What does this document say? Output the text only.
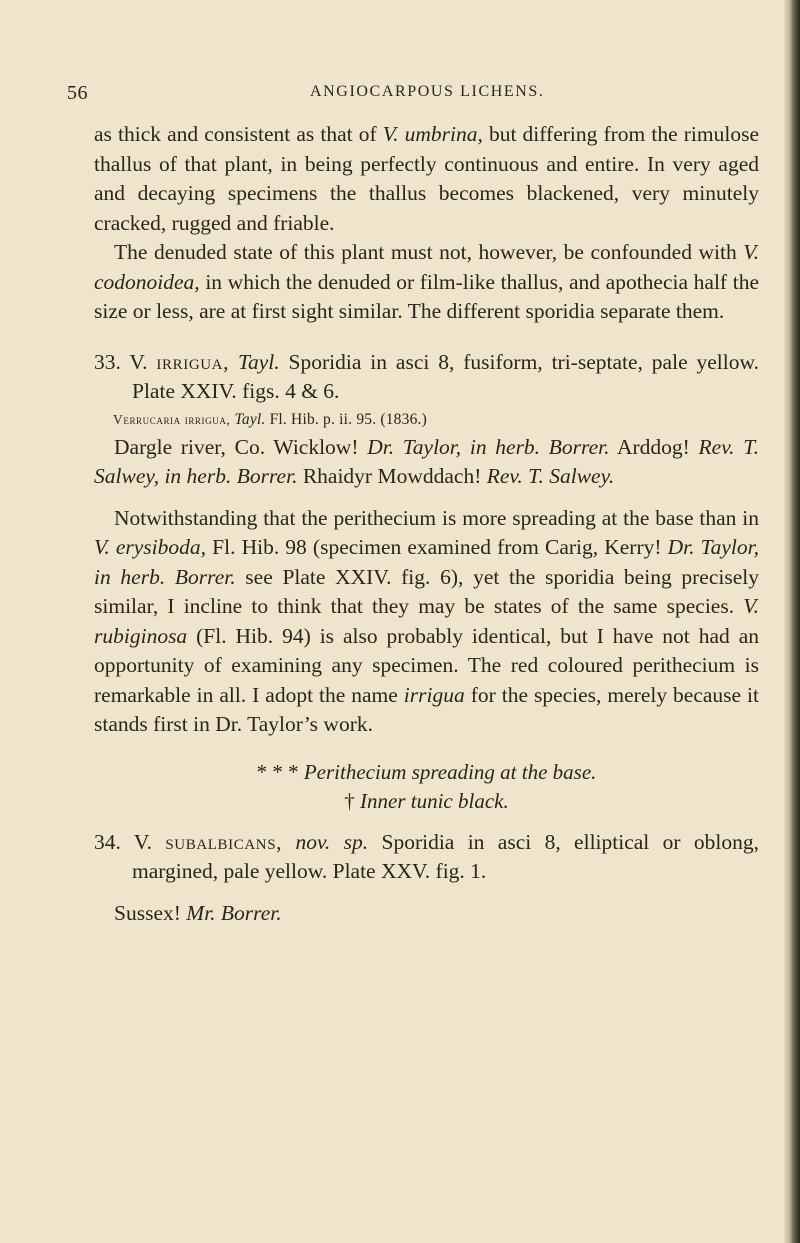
56	ANGIOCARPOUS LICHENS.

as thick and consistent as that of V. umbrina, but differing from the rimulose thallus of that plant, in being perfectly continuous and entire. In very aged and decaying specimens the thallus becomes blackened, very minutely cracked, rugged and friable.

The denuded state of this plant must not, however, be confounded with V. codonoidea, in which the denuded or film-like thallus, and apothecia half the size or less, are at first sight similar. The different sporidia separate them.

33. V. irrigua, Tayl. Sporidia in asci 8, fusiform, tri-septate, pale yellow. Plate XXIV. figs. 4 & 6.

Verrucaria irrigua, Tayl. Fl. Hib. p. ii. 95. (1836.)

Dargle river, Co. Wicklow! Dr. Taylor, in herb. Borrer. Arddog! Rev. T. Salwey, in herb. Borrer. Rhaidyr Mowddach! Rev. T. Salwey.

Notwithstanding that the perithecium is more spreading at the base than in V. erysiboda, Fl. Hib. 98 (specimen examined from Carig, Kerry! Dr. Taylor, in herb. Borrer. see Plate XXIV. fig. 6), yet the sporidia being precisely similar, I incline to think that they may be states of the same species. V. rubiginosa (Fl. Hib. 94) is also probably identical, but I have not had an opportunity of examining any specimen. The red coloured perithecium is remarkable in all. I adopt the name irrigua for the species, merely because it stands first in Dr. Taylor’s work.

* * * Perithecium spreading at the base.

† Inner tunic black.

34. V. subalbicans, nov. sp. Sporidia in asci 8, elliptical or oblong, margined, pale yellow. Plate XXV. fig. 1.

Sussex! Mr. Borrer.
